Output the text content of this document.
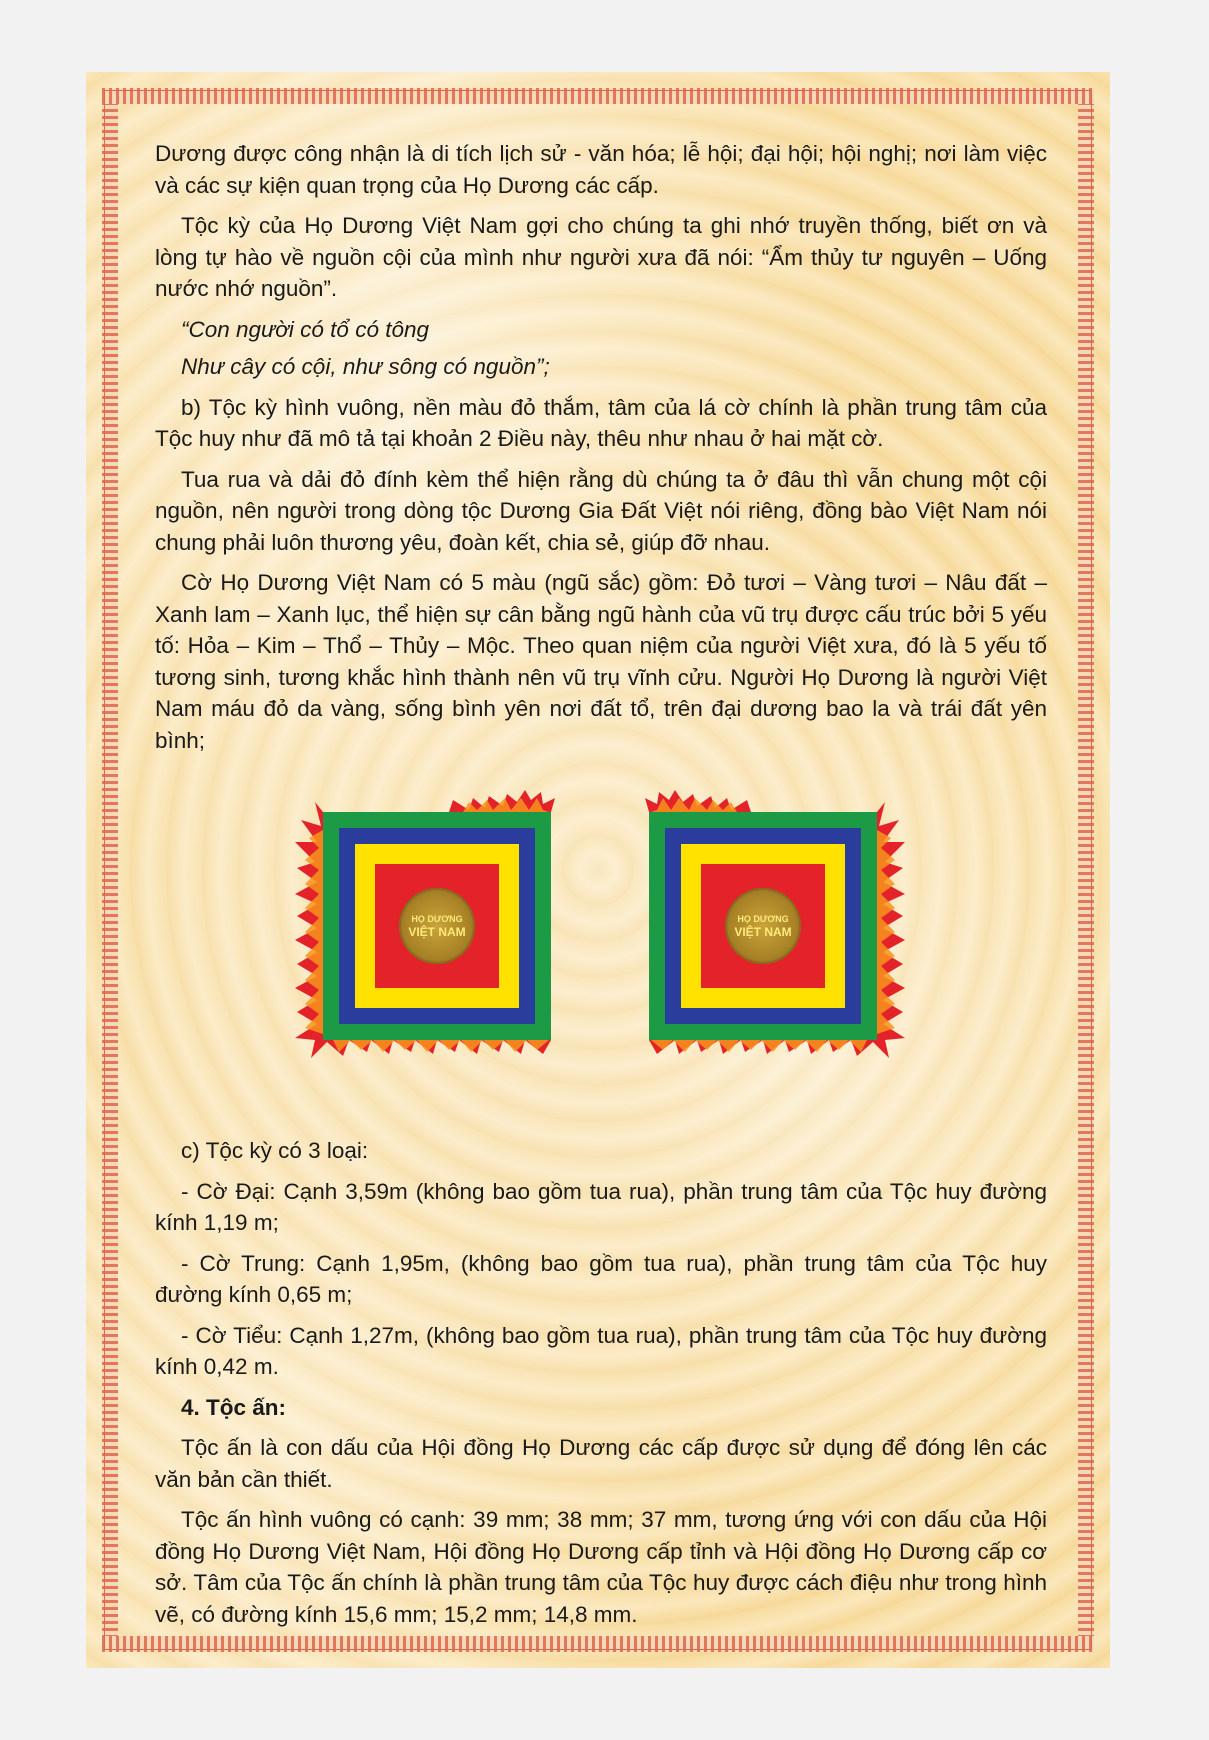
Dương được công nhận là di tích lịch sử - văn hóa; lễ hội; đại hội; hội nghị; nơi làm việc và các sự kiện quan trọng của Họ Dương các cấp.

Tộc kỳ của Họ Dương Việt Nam gợi cho chúng ta ghi nhớ truyền thống, biết ơn và lòng tự hào về nguồn cội của mình như người xưa đã nói: “Ẩm thủy tư nguyên – Uống nước nhớ nguồn”.

“Con người có tổ có tông

Như cây có cội, như sông có nguồn”;

b) Tộc kỳ hình vuông, nền màu đỏ thắm, tâm của lá cờ chính là phần trung tâm của Tộc huy như đã mô tả tại khoản 2 Điều này, thêu như nhau ở hai mặt cờ.

Tua rua và dải đỏ đính kèm thể hiện rằng dù chúng ta ở đâu thì vẫn chung một cội nguồn, nên người trong dòng tộc Dương Gia Đất Việt nói riêng, đồng bào Việt Nam nói chung phải luôn thương yêu, đoàn kết, chia sẻ, giúp đỡ nhau.

Cờ Họ Dương Việt Nam có 5 màu (ngũ sắc) gồm: Đỏ tươi – Vàng tươi – Nâu đất – Xanh lam – Xanh lục, thể hiện sự cân bằng ngũ hành của vũ trụ được cấu trúc bởi 5 yếu tố: Hỏa – Kim – Thổ – Thủy – Mộc. Theo quan niệm của người Việt xưa, đó là 5 yếu tố tương sinh, tương khắc hình thành nên vũ trụ vĩnh cửu. Người Họ Dương là người Việt Nam máu đỏ da vàng, sống bình yên nơi đất tổ, trên đại dương bao la và trái đất yên bình;

HỌ DƯƠNG
VIỆT NAM
HỌ DƯƠNG
VIỆT NAM

c) Tộc kỳ có 3 loại:

- Cờ Đại: Cạnh 3,59m (không bao gồm tua rua), phần trung tâm của Tộc huy đường kính 1,19 m;

- Cờ Trung: Cạnh 1,95m, (không bao gồm tua rua), phần trung tâm của Tộc huy đường kính 0,65 m;

- Cờ Tiểu: Cạnh 1,27m, (không bao gồm tua rua), phần trung tâm của Tộc huy đường kính 0,42 m.

4. Tộc ấn:

Tộc ấn là con dấu của Hội đồng Họ Dương các cấp được sử dụng để đóng lên các văn bản cần thiết.

Tộc ấn hình vuông có cạnh: 39 mm; 38 mm; 37 mm, tương ứng với con dấu của Hội đồng Họ Dương Việt Nam, Hội đồng Họ Dương cấp tỉnh và Hội đồng Họ Dương cấp cơ sở. Tâm của Tộc ấn chính là phần trung tâm của Tộc huy được cách điệu như trong hình vẽ, có đường kính 15,6 mm; 15,2 mm; 14,8 mm.
